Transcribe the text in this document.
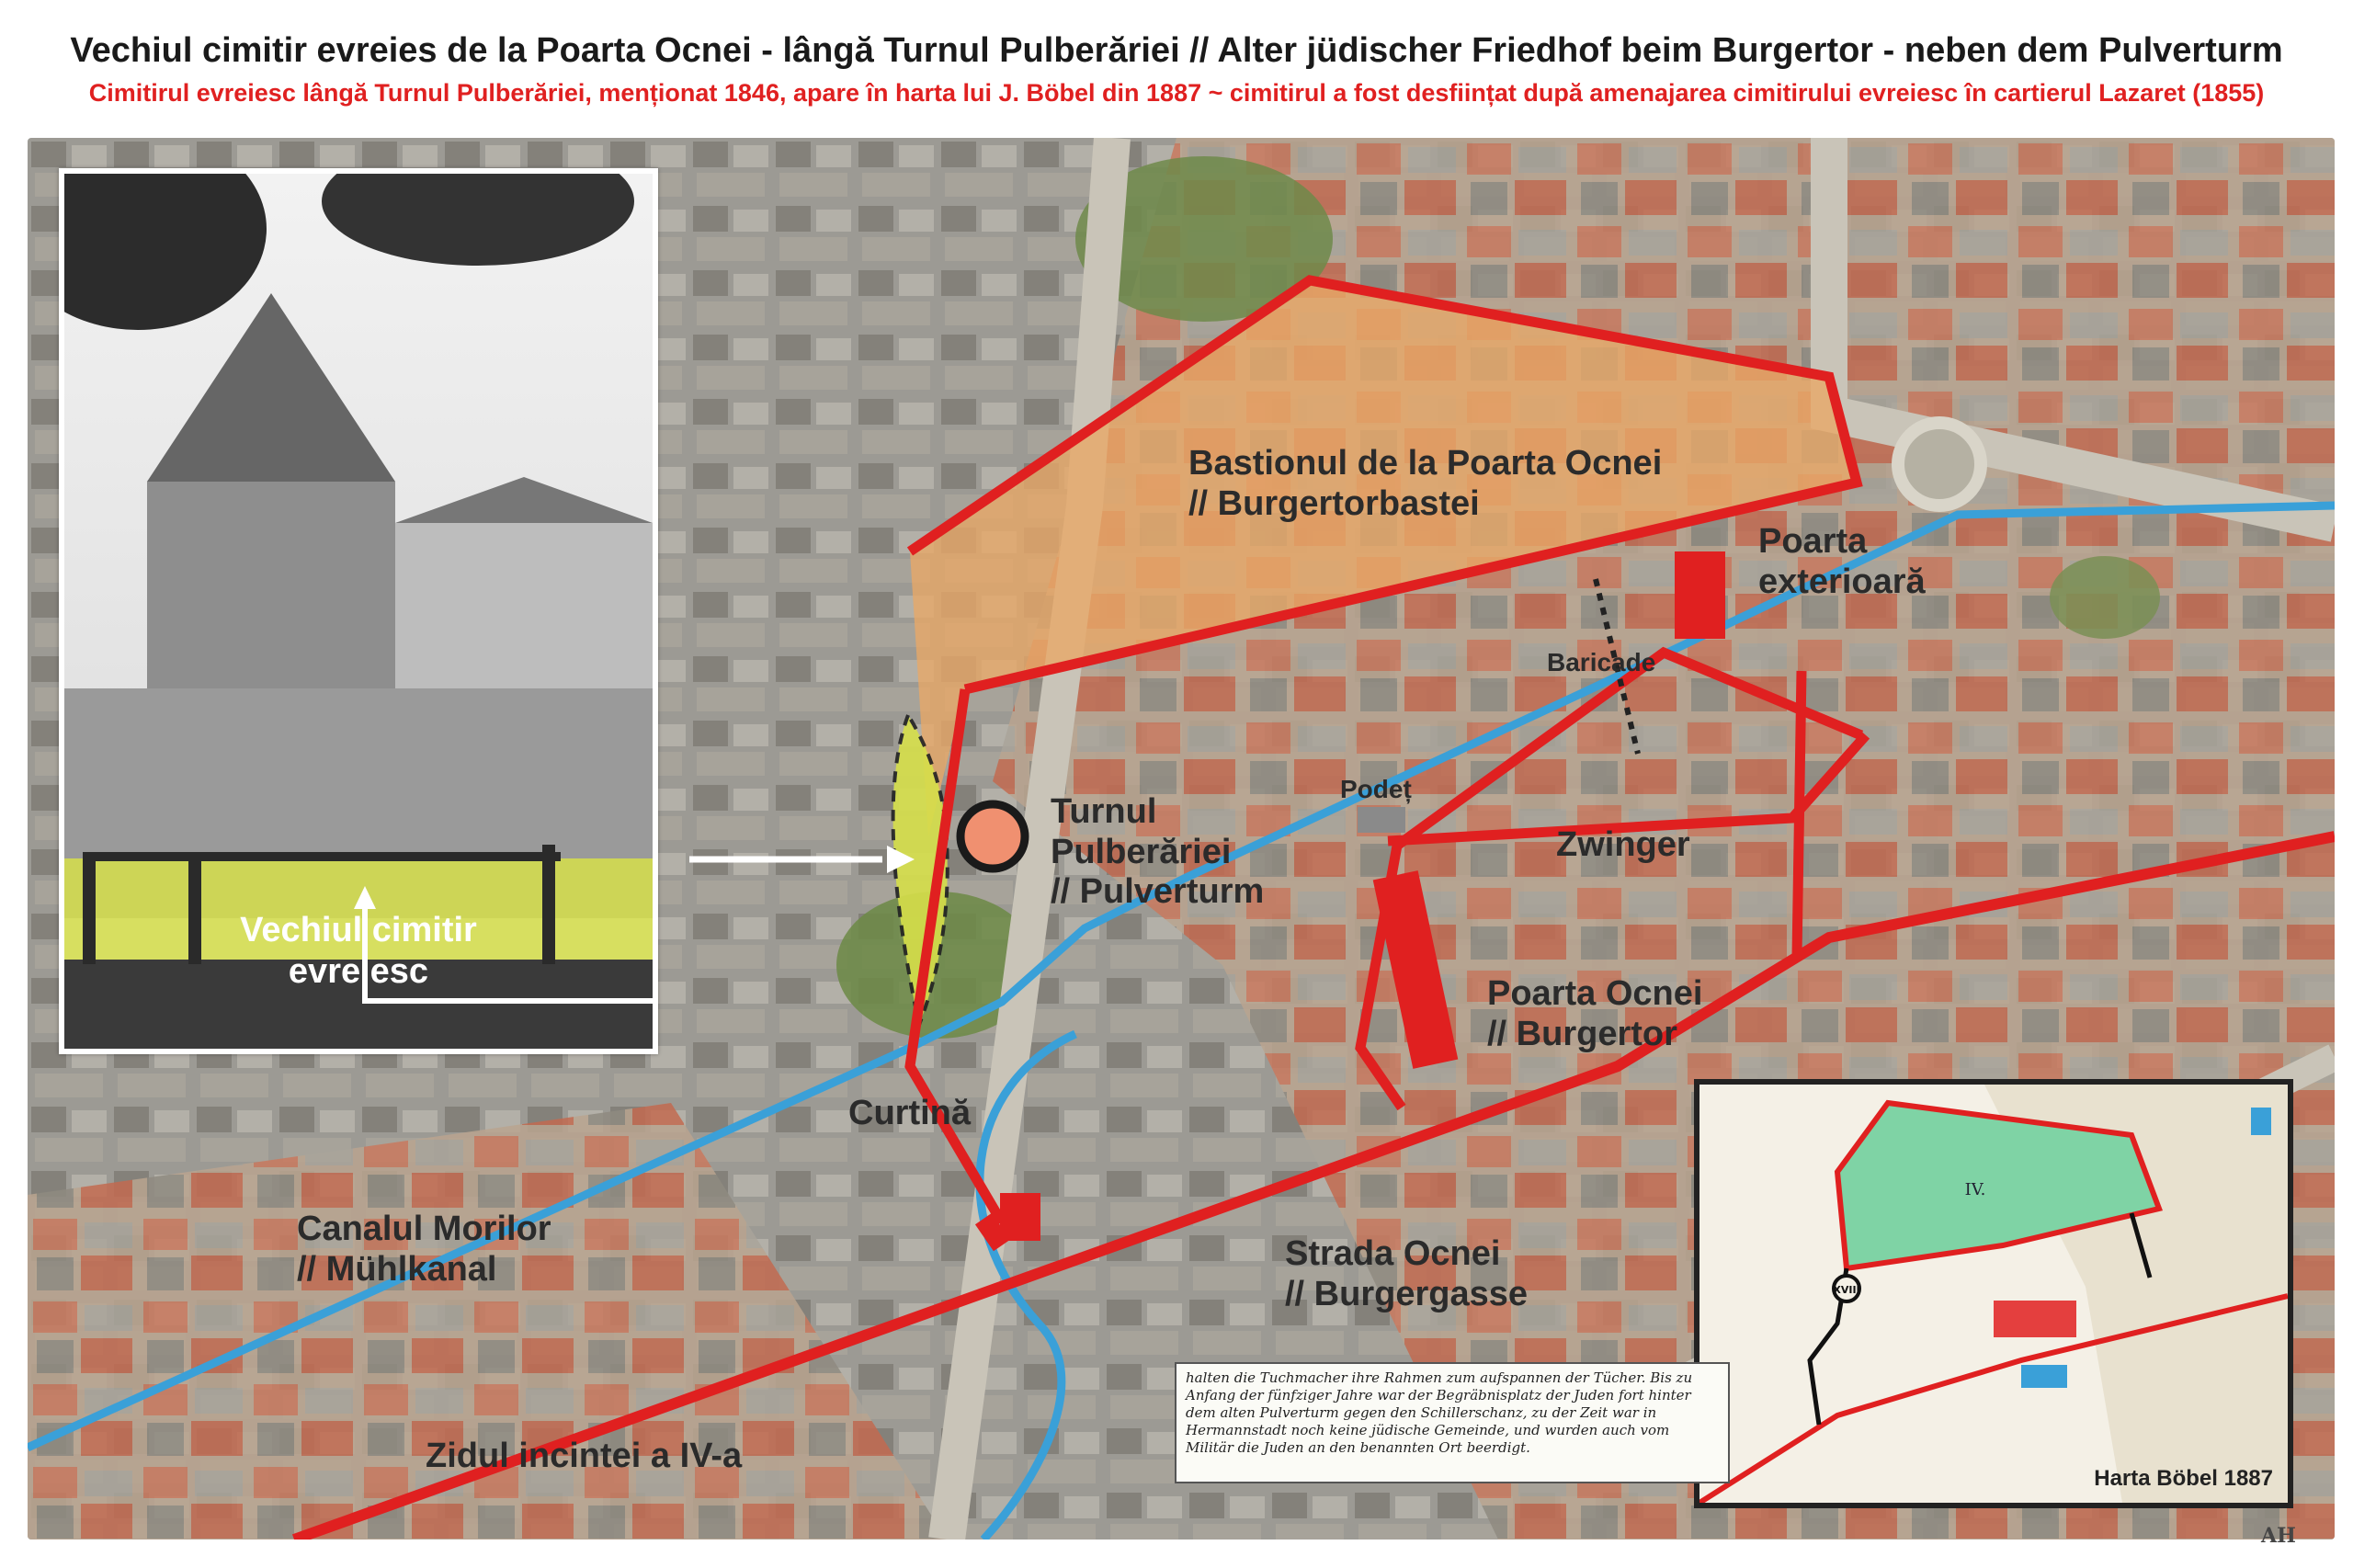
Vechiul cimitir evreies de la Poarta Ocnei - lângă Turnul Pulberăriei // Alter jüdischer Friedhof beim Burgertor - neben dem Pulverturm
Cimitirul evreiesc lângă Turnul Pulberăriei, menționat 1846, apare în harta lui J. Böbel din 1887 ~ cimitirul a fost desființat după amenajarea cimitirului evreiesc în cartierul Lazaret (1855)
Bastionul de la Poarta Ocnei
// Burgertorbastei
Poarta
exterioară
Baricade
Turnul
Pulberăriei
// Pulverturm
Podeț
Zwinger
Poarta Ocnei
// Burgertor
Curtină
Canalul Morilor
// Mühlkanal	Strada Ocnei
// Burgergasse
Zidul incintei a IV-a
Vechiul cimitir
evreiesc
XVIII
IV.
Harta Böbel 1887
halten die Tuchmacher ihre Rahmen zum aufspannen der Tücher. Bis zu Anfang der fünfziger Jahre war der Begräbnisplatz der Juden fort hinter dem alten Pulverturm gegen den Schillerschanz, zu der Zeit war in Hermannstadt noch keine jüdische Gemeinde, und wurden auch vom Militär die Juden an den benannten Ort beerdigt.
AH
